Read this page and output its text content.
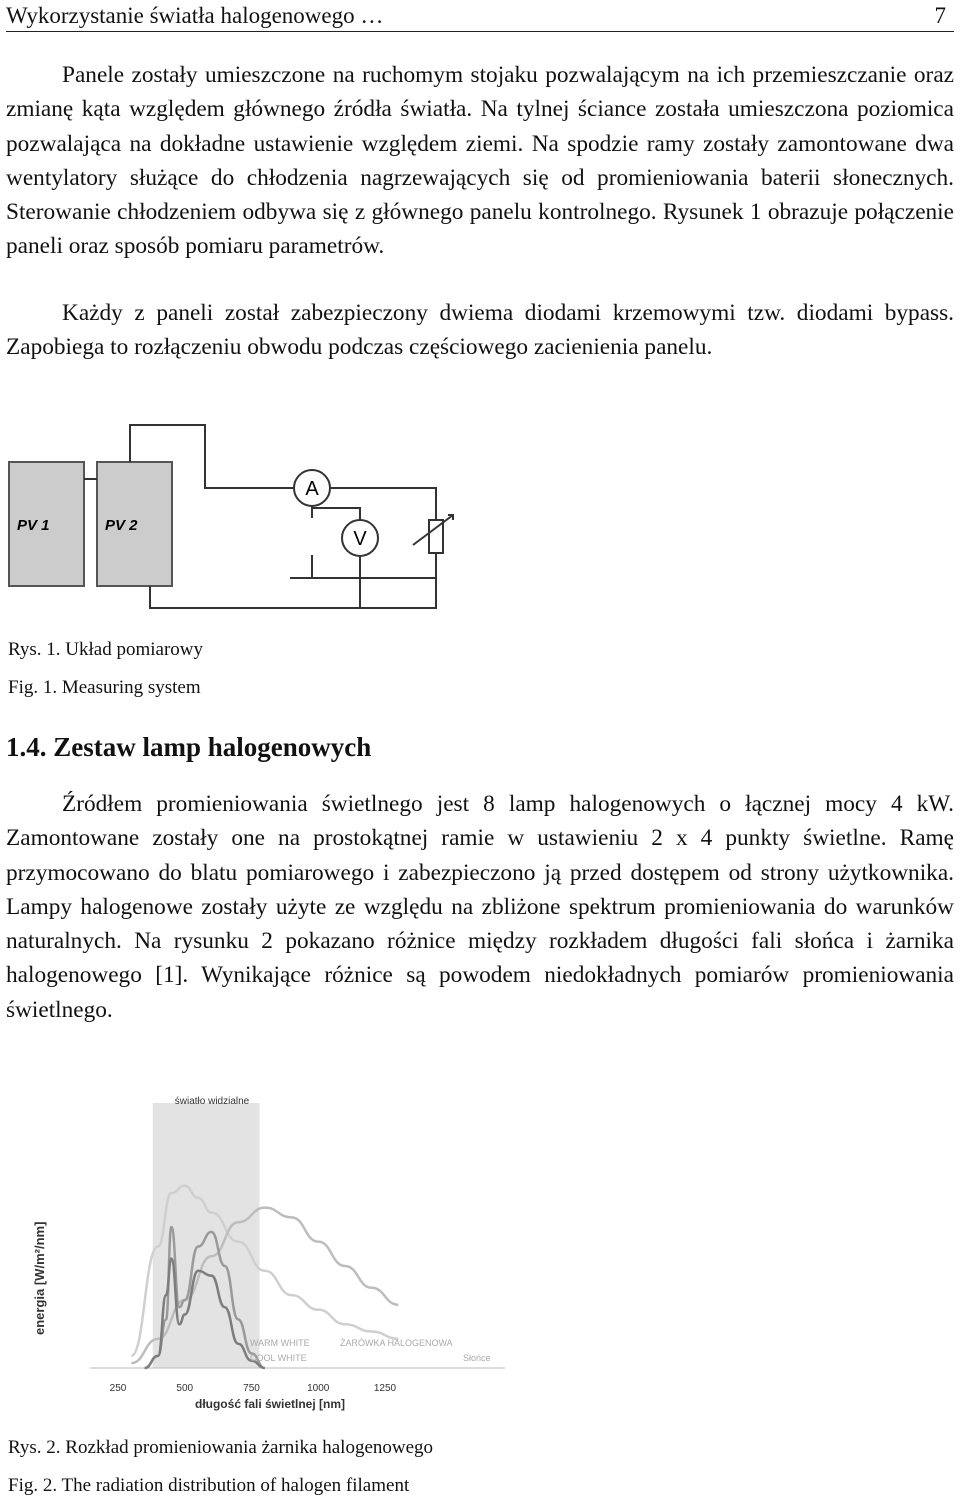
Wykorzystanie światła halogenowego …	7

Panele zostały umieszczone na ruchomym stojaku pozwalającym na ich przemieszczanie oraz zmianę kąta względem głównego źródła światła. Na tylnej ściance została umieszczona poziomica pozwalająca na dokładne ustawienie względem ziemi. Na spodzie ramy zostały zamontowane dwa wentylatory służące do chłodzenia nagrzewających się od promieniowania baterii słonecznych. Sterowanie chłodzeniem odbywa się z głównego panelu kontrolnego. Rysunek 1 obrazuje połączenie paneli oraz sposób pomiaru parametrów.

Każdy z paneli został zabezpieczony dwiema diodami krzemowymi tzw. diodami bypass. Zapobiega to rozłączeniu obwodu podczas częściowego zacienienia panelu.

PV 1	PV 2
A
V
Rys. 1. Układ pomiarowy
Fig. 1. Measuring system
1.4. Zestaw lamp halogenowych

Źródłem promieniowania świetlnego jest 8 lamp halogenowych o łącznej mocy 4 kW. Zamontowane zostały one na prostokątnej ramie w ustawieniu 2 x 4 punkty świetlne. Ramę przymocowano do blatu pomiarowego i zabezpieczono ją przed dostępem od strony użytkownika. Lampy halogenowe zostały użyte ze względu na zbliżone spektrum promieniowania do warunków naturalnych. Na rysunku 2 pokazano różnice między rozkładem długości fali słońca i żarnika halogenowego [1]. Wynikające różnice są powodem niedokładnych pomiarów promieniowania świetlnego.

światło widzialne
energia [W/m²/nm]
250	500	750	1000	1250
długość fali świetlnej [nm]
WARM WHITE
COOL WHITE
ŻARÓWKA HALOGENOWA
Słońce
Rys. 2. Rozkład promieniowania żarnika halogenowego
Fig. 2. The radiation distribution of halogen filament
